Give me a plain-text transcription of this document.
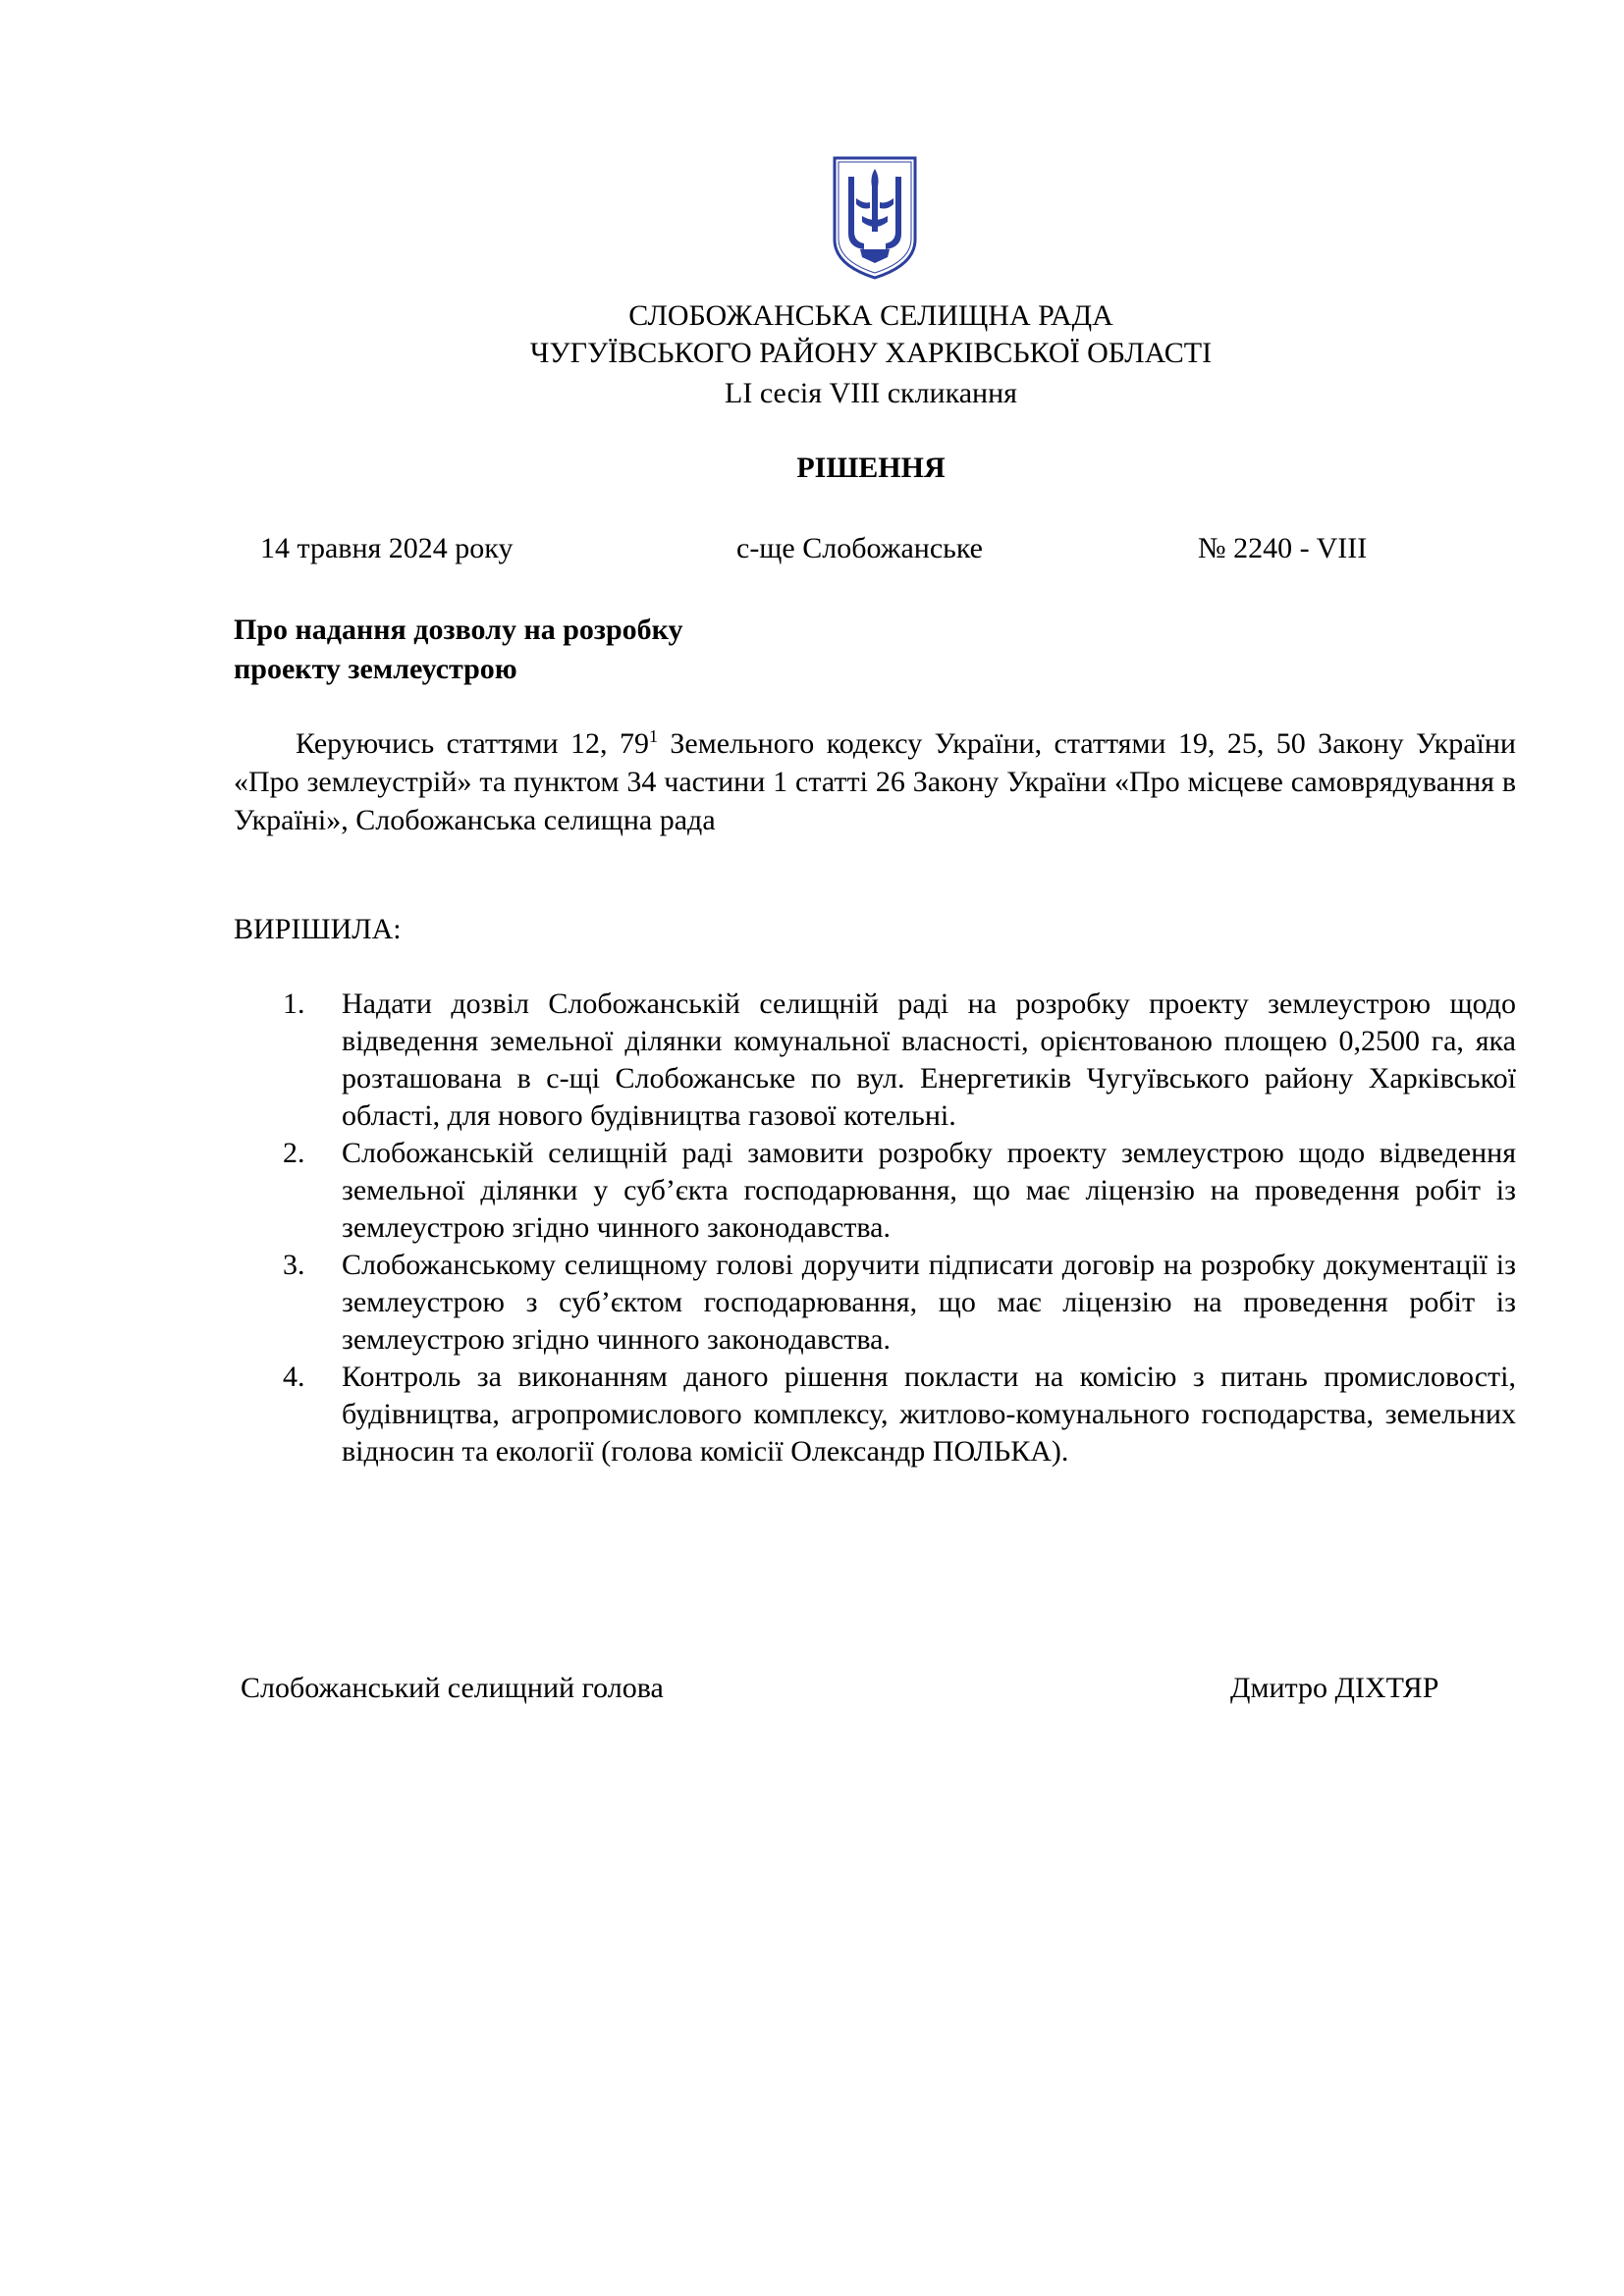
СЛОБОЖАНСЬКА СЕЛИЩНА РАДА
ЧУГУЇВСЬКОГО РАЙОНУ ХАРКІВСЬКОЇ ОБЛАСТІ
LI сесія VIII скликання
РІШЕННЯ
14 травня 2024 року	с-ще Слобожанське	№ 2240 - VIII
Про надання дозволу на розробку
проекту землеустрою
Керуючись статтями 12, $79^1$ Земельного кодексу України, статтями 19, 25, 50 Закону України «Про землеустрій» та пунктом 34 частини 1 статті 26 Закону України «Про місцеве самоврядування в Україні», Слобожанська селищна рада
ВИРІШИЛА:
1. Надати дозвіл Слобожанській селищній раді на розробку проекту землеустрою щодо відведення земельної ділянки комунальної власності, орієнтованою площею 0,2500 га, яка розташована в с-щі Слобожанське по вул. Енергетиків Чугуївського району Харківської області, для нового будівництва газової котельні.
2. Слобожанській селищній раді замовити розробку проекту землеустрою щодо відведення земельної ділянки у суб’єкта господарювання, що має ліцензію на проведення робіт із землеустрою згідно чинного законодавства.
3. Слобожанському селищному голові доручити підписати договір на розробку документації із землеустрою з суб’єктом господарювання, що має ліцензію на проведення робіт із землеустрою згідно чинного законодавства.
4. Контроль за виконанням даного рішення покласти на комісію з питань промисловості, будівництва, агропромислового комплексу, житлово-комунального господарства, земельних відносин та екології (голова комісії Олександр ПОЛЬКА).
Слобожанський селищний голова	Дмитро ДІХТЯР
